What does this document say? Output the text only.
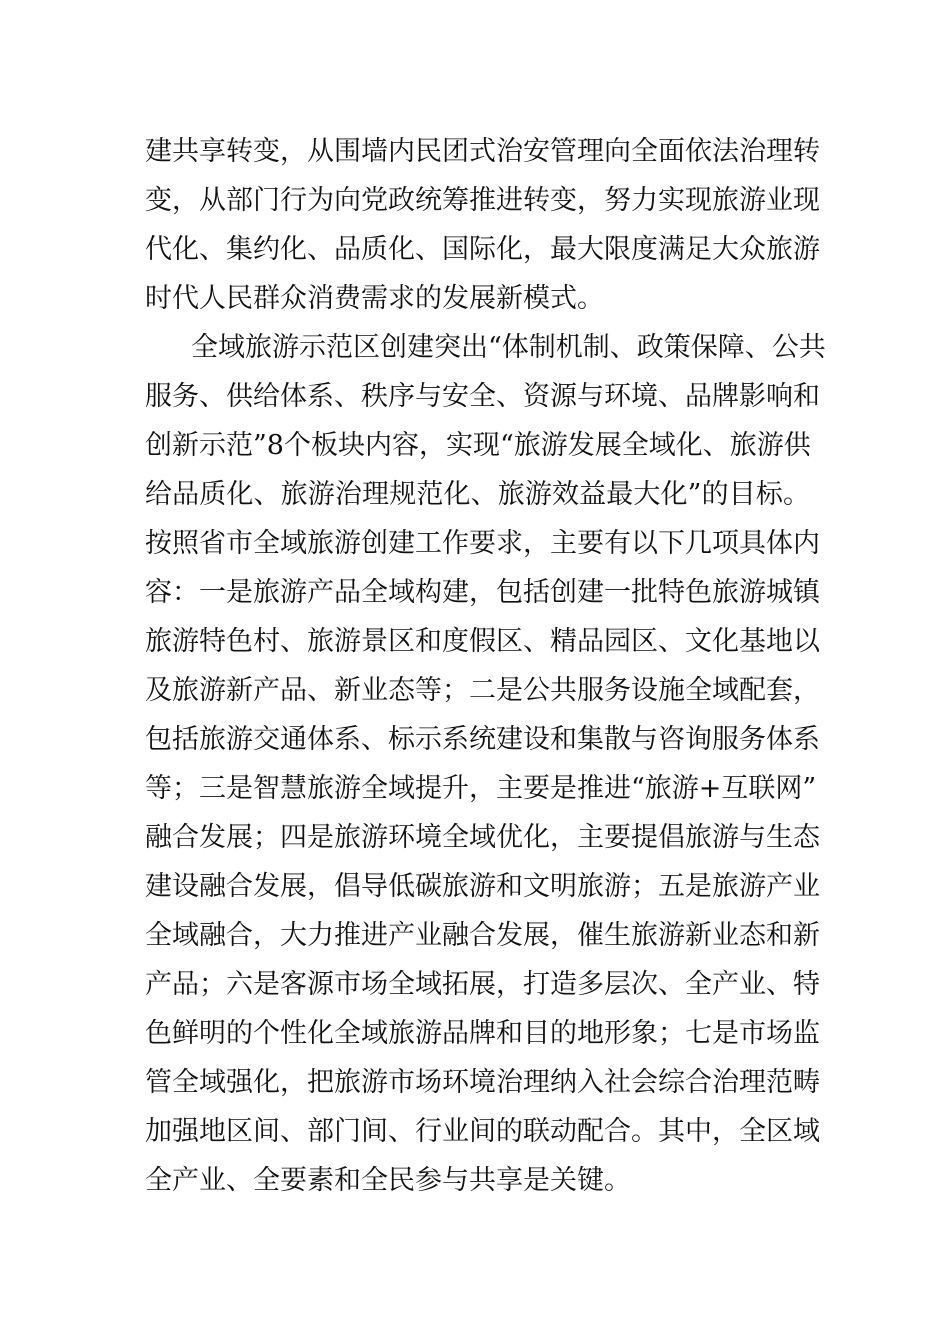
建共享转变，从围墙内民团式治安管理向全面依法治理转
变，从部门行为向党政统筹推进转变，努力实现旅游业现
代化、集约化、品质化、国际化，最大限度满足大众旅游
时代人民群众消费需求的发展新模式。
全域旅游示范区创建突出“体制机制、政策保障、公共
服务、供给体系、秩序与安全、资源与环境、品牌影响和
创新示范”8个板块内容，实现“旅游发展全域化、旅游供
给品质化、旅游治理规范化、旅游效益最大化”的目标。
按照省市全域旅游创建工作要求，主要有以下几项具体内
容：一是旅游产品全域构建，包括创建一批特色旅游城镇
旅游特色村、旅游景区和度假区、精品园区、文化基地以
及旅游新产品、新业态等；二是公共服务设施全域配套，
包括旅游交通体系、标示系统建设和集散与咨询服务体系
等；三是智慧旅游全域提升，主要是推进“旅游+互联网”
融合发展；四是旅游环境全域优化，主要提倡旅游与生态
建设融合发展，倡导低碳旅游和文明旅游；五是旅游产业
全域融合，大力推进产业融合发展，催生旅游新业态和新
产品；六是客源市场全域拓展，打造多层次、全产业、特
色鲜明的个性化全域旅游品牌和目的地形象；七是市场监
管全域强化，把旅游市场环境治理纳入社会综合治理范畴
加强地区间、部门间、行业间的联动配合。其中，全区域
全产业、全要素和全民参与共享是关键。
